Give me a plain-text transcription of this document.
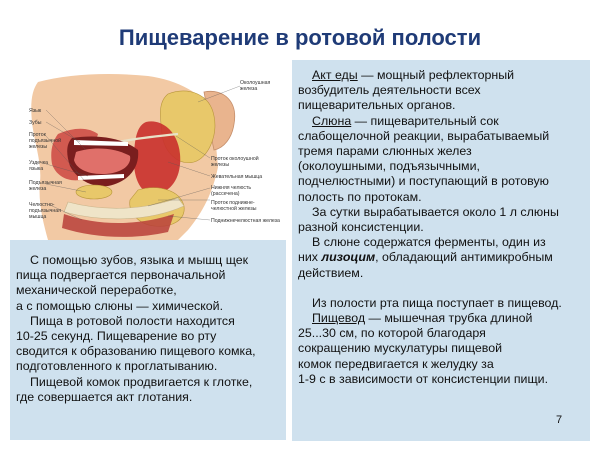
Пищеварение в ротовой полости
Язык
Зубы
Проток
подъязычной
железы
Уздечка
языка
Подъязычная
железа
Челюстно-
подъязычная
мышца
Околоушная
железа
Проток околоушной
железы
Жевательная мышца
Нижняя челюсть
(рассечена)
Проток поднижне-
челюстной железы
Поднижнечелюстная железа

Акт еды — мощный рефлекторный

возбудитель деятельности всех

пищеварительных органов.

Слюна — пищеварительный сок

слабощелочной реакции, вырабатываемый

тремя парами слюнных желез

(околоушными, подъязычными,

подчелюстными) и поступающий в ротовую

полость по протокам.

За сутки вырабатывается около 1 л слюны

разной консистенции.

В слюне содержатся ферменты, один из

них лизоцим, обладающий антимикробным

действием.

Из полости рта пища поступает в пищевод.

Пищевод — мышечная трубка длиной

25...30 см, по которой благодаря

сокращению мускулатуры пищевой

комок передвигается к желудку за

1-9 с в зависимости от консистенции пищи.

С помощью зубов, языка и мышц щек

пища подвергается первоначальной

механической переработке,

а с помощью слюны — химической.

Пища в ротовой полости находится

10-25 секунд. Пищеварение во рту

сводится к образованию пищевого комка,

подготовленного к проглатыванию.

Пищевой комок продвигается к глотке,

где совершается акт глотания.

7
